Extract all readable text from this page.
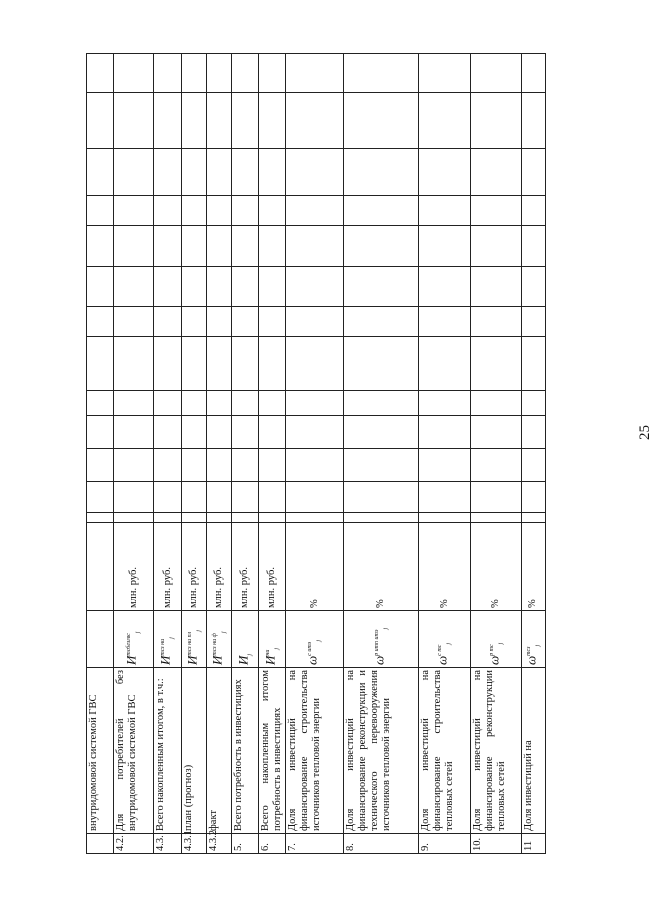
25
	внутридомовой системой ГВС															
4.2.	Для потребителей без внутридомовой системой ГВС	$И^{тсбезгвс}_j$	млн. руб.													
4.3.	Всего накопленным итогом, в т.ч.:	$И^{тсз ни}_j$	млн. руб.													
4.3.1	план (прогноз)	$И^{тсз ни пл}_j$	млн. руб.													
4.3.2	факт	$И^{тсз ни ф}_j$	млн. руб.													
5.	Всего потребность в инвестициях	$И_j$	млн. руб.													
6.	Всего накопленным итогом потребность в инвестициях	$И^{ни}_j$	млн. руб.													
7.	Доля инвестиций на финансирование строительства источников тепловой энергии	$\omega^{с итэ}_j$	%													
8.	Доля инвестиций на финансирование реконструкции и технического перевооружения источников тепловой энергии	$\omega^{р итп итэ}_j$	%													
9.	Доля инвестиций на финансирование строительства тепловых сетей	$\omega^{с тс}_j$	%													
10.	Доля инвестиций на финансирование реконструкции тепловых сетей	$\omega^{р тс}_j$	%													
11	Доля инвестиций на	$\omega^{тсз}_j$	%													
